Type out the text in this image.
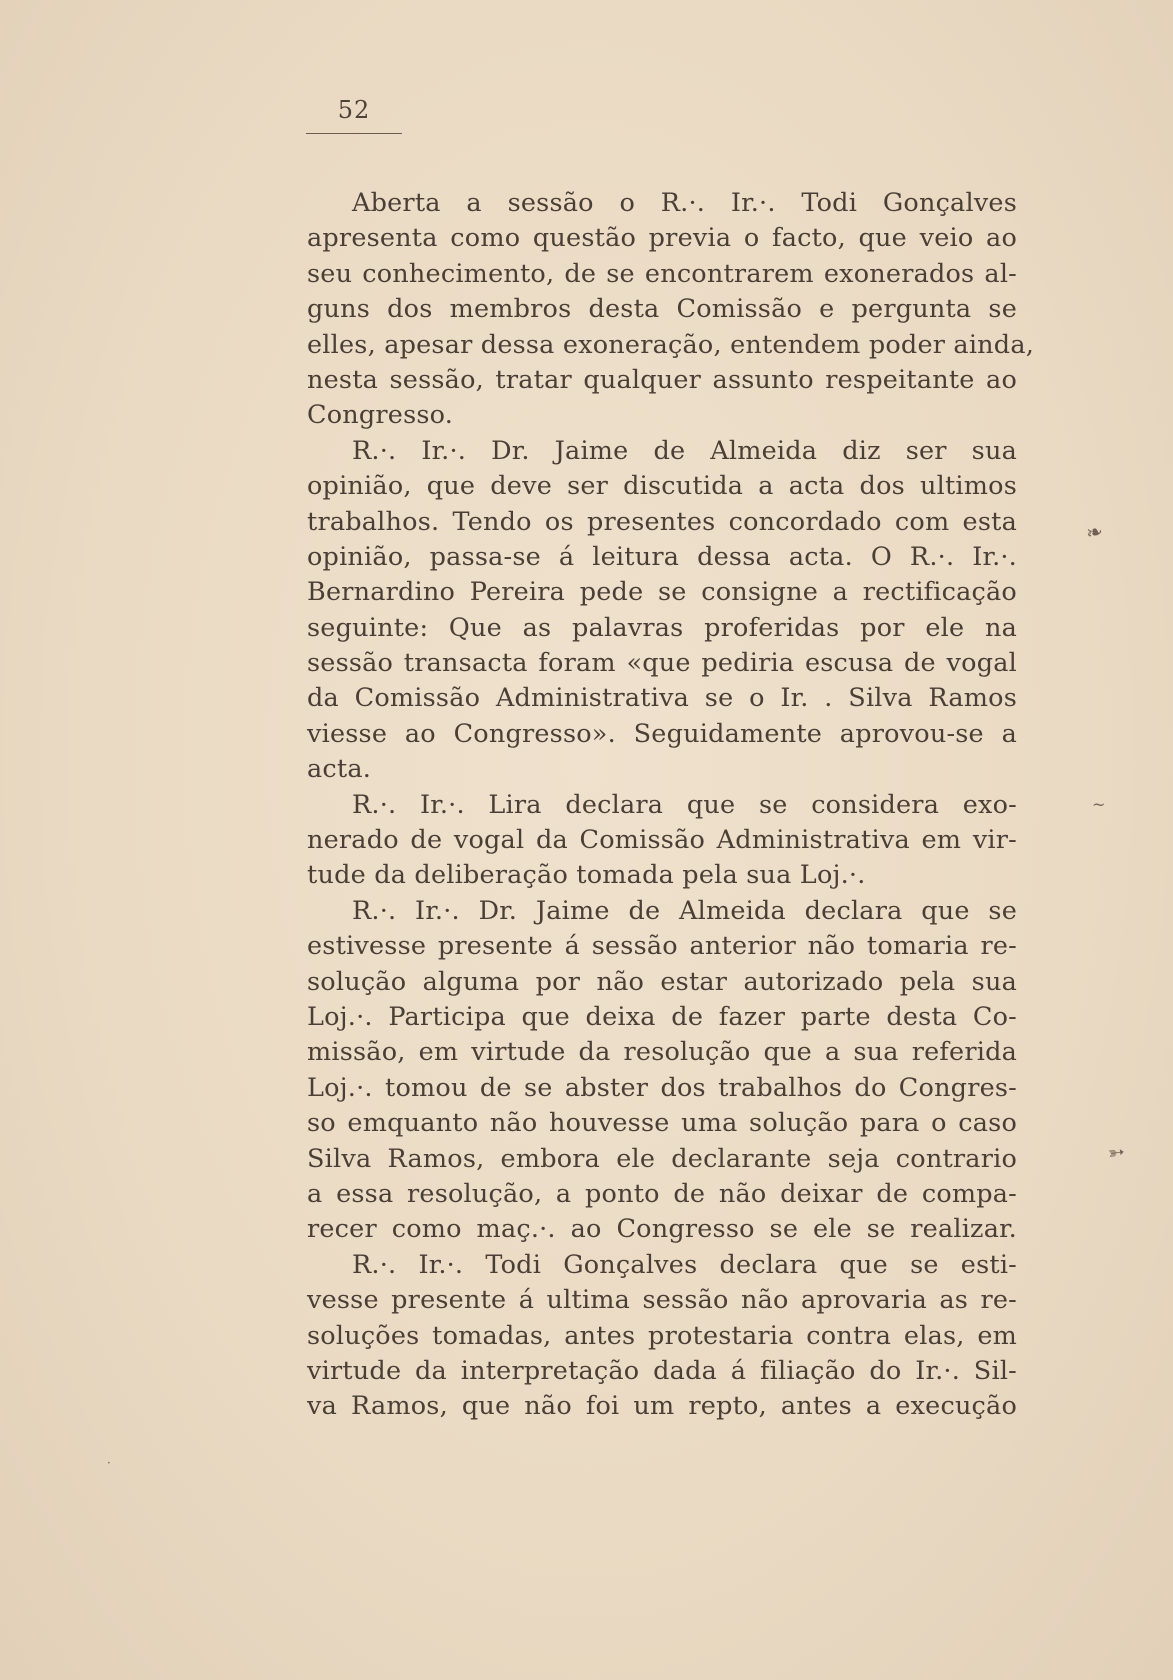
52
Aberta a sessão o R.·. Ir.·. Todi Gonçalves
apresenta como questão previa o facto, que veio ao
seu conhecimento, de se encontrarem exonerados al-
guns dos membros desta Comissão e pergunta se
elles, apesar dessa exoneração, entendem poder ainda,
nesta sessão, tratar qualquer assunto respeitante ao
Congresso.
R.·. Ir.·. Dr. Jaime de Almeida diz ser sua
opinião, que deve ser discutida a acta dos ultimos
trabalhos. Tendo os presentes concordado com esta
opinião, passa-se á leitura dessa acta. O R.·. Ir.·.
Bernardino Pereira pede se consigne a rectificação
seguinte: Que as palavras proferidas por ele na
sessão transacta foram «que pediria escusa de vogal
da Comissão Administrativa se o Ir. . Silva Ramos
viesse ao Congresso». Seguidamente aprovou-se a
acta.
R.·. Ir.·. Lira declara que se considera exo-
nerado de vogal da Comissão Administrativa em vir-
tude da deliberação tomada pela sua Loj.·.
R.·. Ir.·. Dr. Jaime de Almeida declara que se
estivesse presente á sessão anterior não tomaria re-
solução alguma por não estar autorizado pela sua
Loj.·. Participa que deixa de fazer parte desta Co-
missão, em virtude da resolução que a sua referida
Loj.·. tomou de se abster dos trabalhos do Congres-
so emquanto não houvesse uma solução para o caso
Silva Ramos, embora ele declarante seja contrario
a essa resolução, a ponto de não deixar de compa-
recer como maç.·. ao Congresso se ele se realizar.
R.·. Ir.·. Todi Gonçalves declara que se esti-
vesse presente á ultima sessão não aprovaria as re-
soluções tomadas, antes protestaria contra elas, em
virtude da interpretação dada á filiação do Ir.·. Sil-
va Ramos, que não foi um repto, antes a execução
❧
~
➳
·
